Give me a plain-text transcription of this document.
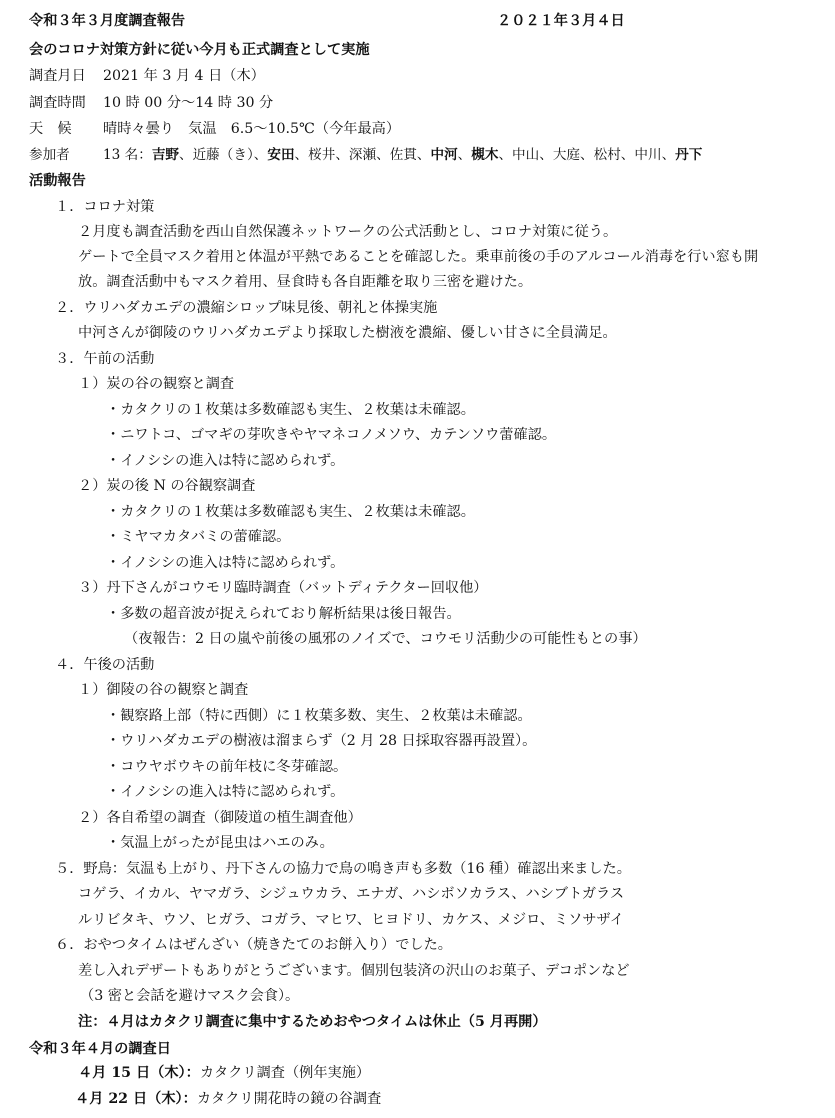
令和３年３月度調査報告	２０２１年３月４日
会のコロナ対策方針に従い今月も正式調査として実施
調査月日 2021 年 3 月 4 日（木）
調査時間 10 時 00 分～14 時 30 分
天　候 晴時々曇り　気温　6.5～10.5℃（今年最高）
参加者 13 名：吉野、近藤（き）、安田、桜井、深瀬、佐貫、中河、槻木、中山、大庭、松村、中川、丹下
活動報告
１．コロナ対策
２月度も調査活動を西山自然保護ネットワークの公式活動とし、コロナ対策に従う。
ゲートで全員マスク着用と体温が平熱であることを確認した。乗車前後の手のアルコール消毒を行い窓も開
放。調査活動中もマスク着用、昼食時も各自距離を取り三密を避けた。
２．ウリハダカエデの濃縮シロップ味見後、朝礼と体操実施
中河さんが御陵のウリハダカエデより採取した樹液を濃縮、優しい甘さに全員満足。
３．午前の活動
１）炭の谷の観察と調査
・カタクリの１枚葉は多数確認も実生、２枚葉は未確認。
・ニワトコ、ゴマギの芽吹きやヤマネコノメソウ、カテンソウ蕾確認。
・イノシシの進入は特に認められず。
２）炭の後 N の谷観察調査
・カタクリの１枚葉は多数確認も実生、２枚葉は未確認。
・ミヤマカタバミの蕾確認。
・イノシシの進入は特に認められず。
３）丹下さんがコウモリ臨時調査（バットディテクター回収他）
・多数の超音波が捉えられており解析結果は後日報告。
（夜報告：2 日の嵐や前後の風邪のノイズで、コウモリ活動少の可能性もとの事）
４．午後の活動
１）御陵の谷の観察と調査
・観察路上部（特に西側）に１枚葉多数、実生、２枚葉は未確認。
・ウリハダカエデの樹液は溜まらず（2 月 28 日採取容器再設置）。
・コウヤボウキの前年枝に冬芽確認。
・イノシシの進入は特に認められず。
２）各自希望の調査（御陵道の植生調査他）
・気温上がったが昆虫はハエのみ。
５．野鳥：気温も上がり、丹下さんの協力で鳥の鳴き声も多数（16 種）確認出来ました。
コゲラ、イカル、ヤマガラ、シジュウカラ、エナガ、ハシボソカラス、ハシブトガラス
ルリビタキ、ウソ、ヒガラ、コガラ、マヒワ、ヒヨドリ、カケス、メジロ、ミソサザイ
６．おやつタイムはぜんざい（焼きたてのお餅入り）でした。
差し入れデザートもありがとうございます。個別包装済の沢山のお菓子、デコポンなど
（3 密と会話を避けマスク会食）。
注：４月はカタクリ調査に集中するためおやつタイムは休止（5 月再開）
令和３年４月の調査日
４月 15 日（木）：カタクリ調査（例年実施）
４月 22 日（木）：カタクリ開花時の鏡の谷調査
